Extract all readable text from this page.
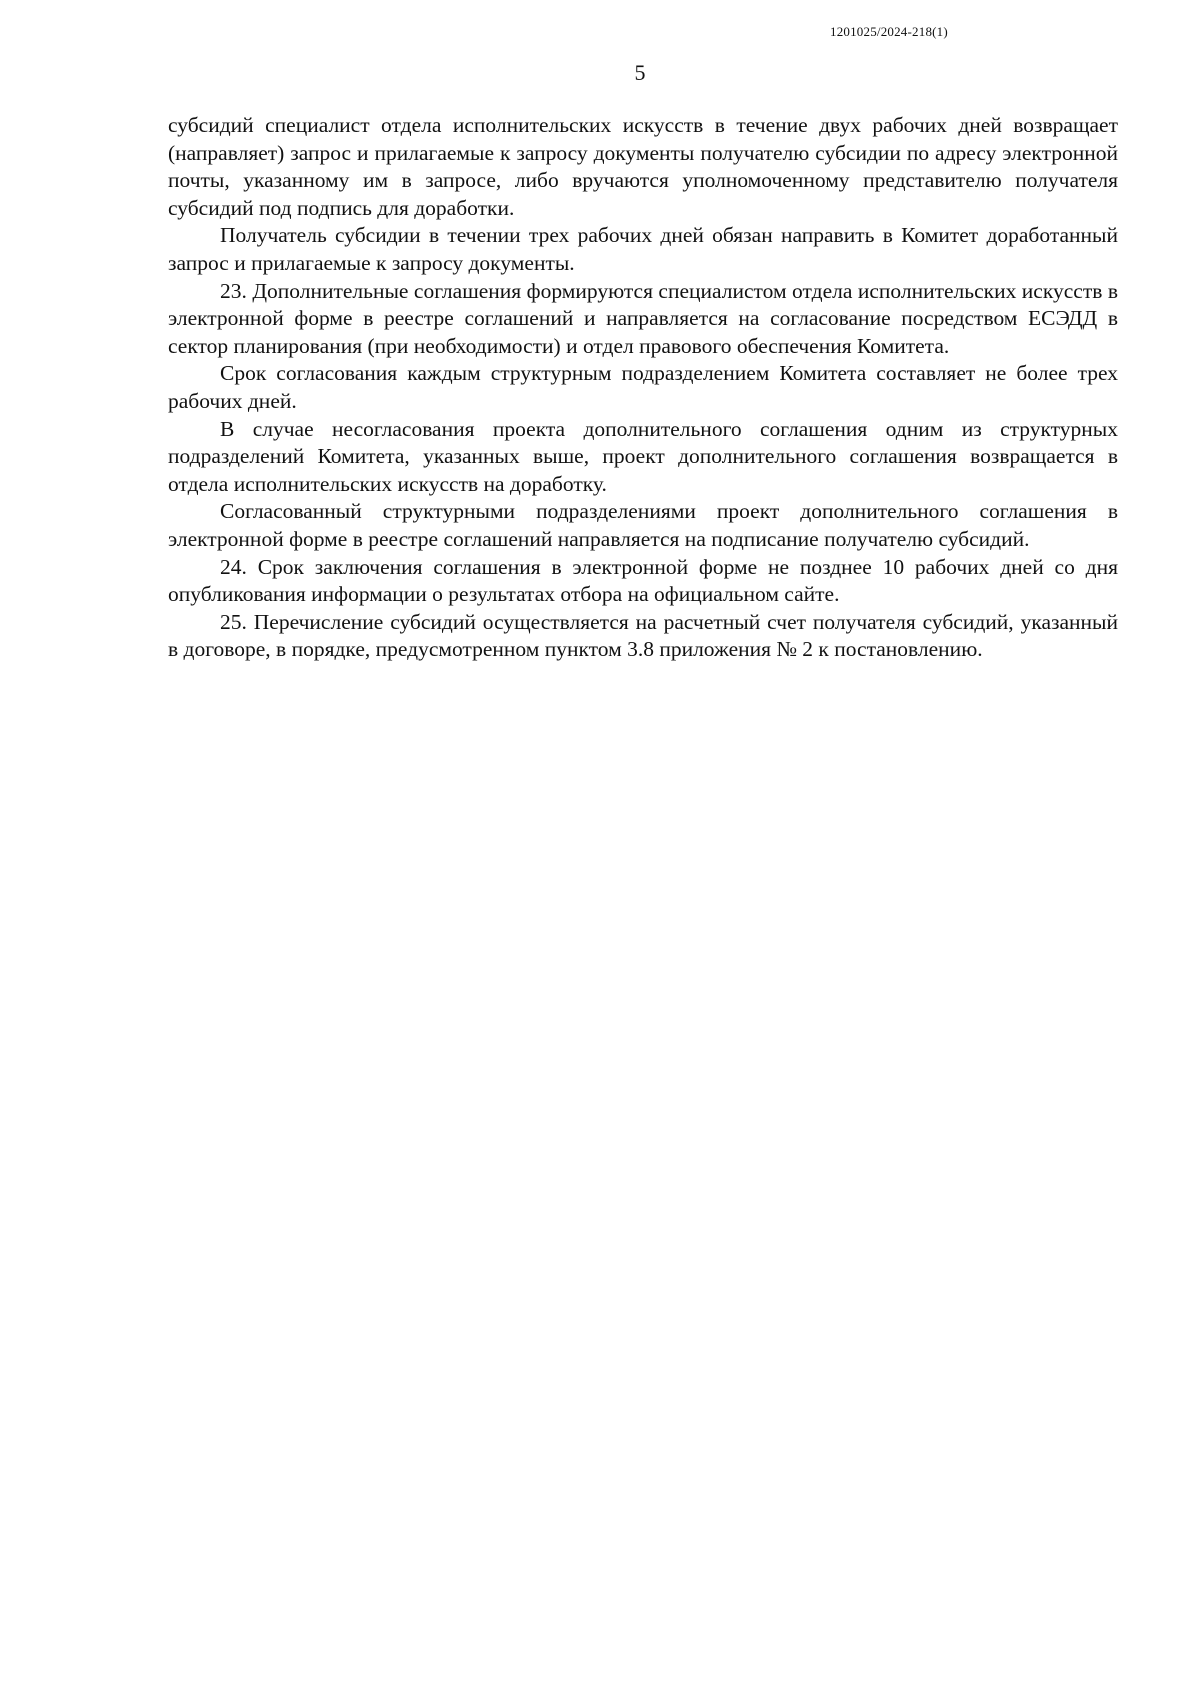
1201025/2024-218(1)
5

субсидий специалист отдела исполнительских искусств в течение двух рабочих дней возвращает (направляет) запрос и прилагаемые к запросу документы получателю субсидии по адресу электронной почты, указанному им в запросе, либо вручаются уполномоченному представителю получателя субсидий под подпись для доработки.

Получатель субсидии в течении трех рабочих дней обязан направить в Комитет доработанный запрос и прилагаемые к запросу документы.

23. Дополнительные соглашения формируются специалистом отдела исполнительских искусств в электронной форме в реестре соглашений и направляется на согласование посредством ЕСЭДД в сектор планирования (при необходимости) и отдел правового обеспечения Комитета.

Срок согласования каждым структурным подразделением Комитета составляет не более трех рабочих дней.

В случае несогласования проекта дополнительного соглашения одним из структурных подразделений Комитета, указанных выше, проект дополнительного соглашения возвращается в отдела исполнительских искусств на доработку.

Согласованный структурными подразделениями проект дополнительного соглашения в электронной форме в реестре соглашений направляется на подписание получателю субсидий.

24. Срок заключения соглашения в электронной форме не позднее 10 рабочих дней со дня опубликования информации о результатах отбора на официальном сайте.

25. Перечисление субсидий осуществляется на расчетный счет получателя субсидий, указанный в договоре, в порядке, предусмотренном пунктом 3.8 приложения № 2 к постановлению.
